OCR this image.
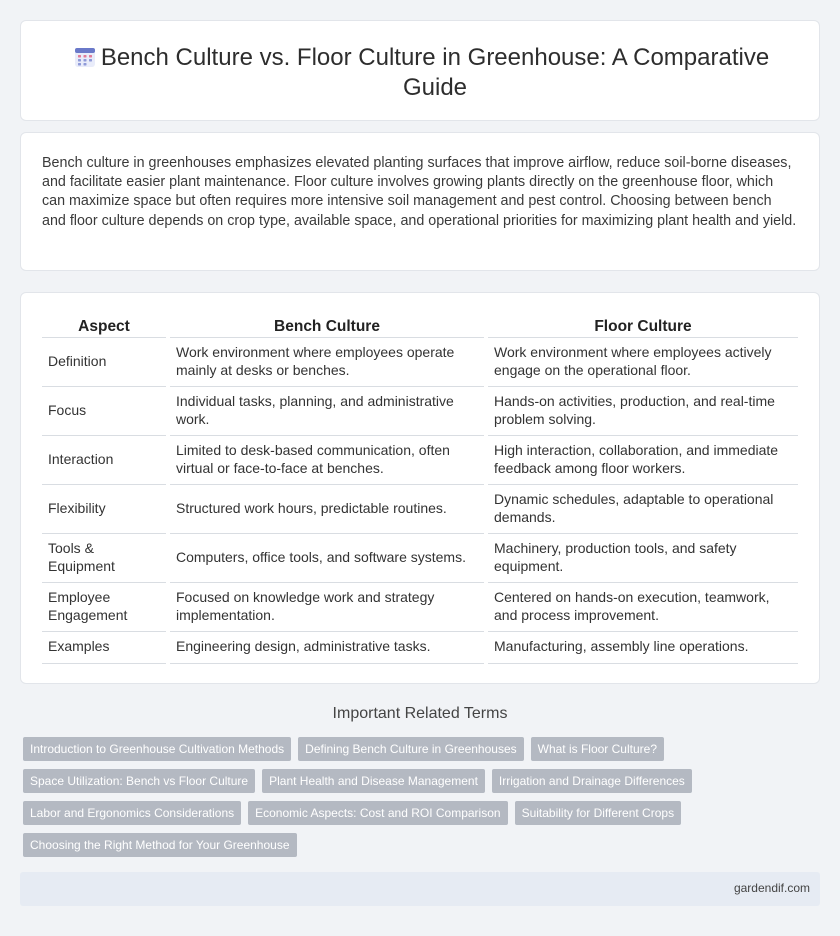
Bench Culture vs. Floor Culture in Greenhouse: A Comparative Guide

Bench culture in greenhouses emphasizes elevated planting surfaces that improve airflow, reduce soil-borne diseases, and facilitate easier plant maintenance. Floor culture involves growing plants directly on the greenhouse floor, which can maximize space but often requires more intensive soil management and pest control. Choosing between bench and floor culture depends on crop type, available space, and operational priorities for maximizing plant health and yield.

Aspect	Bench Culture	Floor Culture
Definition	Work environment where employees operate mainly at desks or benches.	Work environment where employees actively engage on the operational floor.
Focus	Individual tasks, planning, and administrative work.	Hands-on activities, production, and real-time problem solving.
Interaction	Limited to desk-based communication, often virtual or face-to-face at benches.	High interaction, collaboration, and immediate feedback among floor workers.
Flexibility	Structured work hours, predictable routines.	Dynamic schedules, adaptable to operational demands.
Tools & Equipment	Computers, office tools, and software systems.	Machinery, production tools, and safety equipment.
Employee Engagement	Focused on knowledge work and strategy implementation.	Centered on hands-on execution, teamwork, and process improvement.
Examples	Engineering design, administrative tasks.	Manufacturing, assembly line operations.
Important Related Terms
Introduction to Greenhouse Cultivation Methods	Defining Bench Culture in Greenhouses	What is Floor Culture?
Space Utilization: Bench vs Floor Culture	Plant Health and Disease Management	Irrigation and Drainage Differences
Labor and Ergonomics Considerations	Economic Aspects: Cost and ROI Comparison	Suitability for Different Crops
Choosing the Right Method for Your Greenhouse
gardendif.com
